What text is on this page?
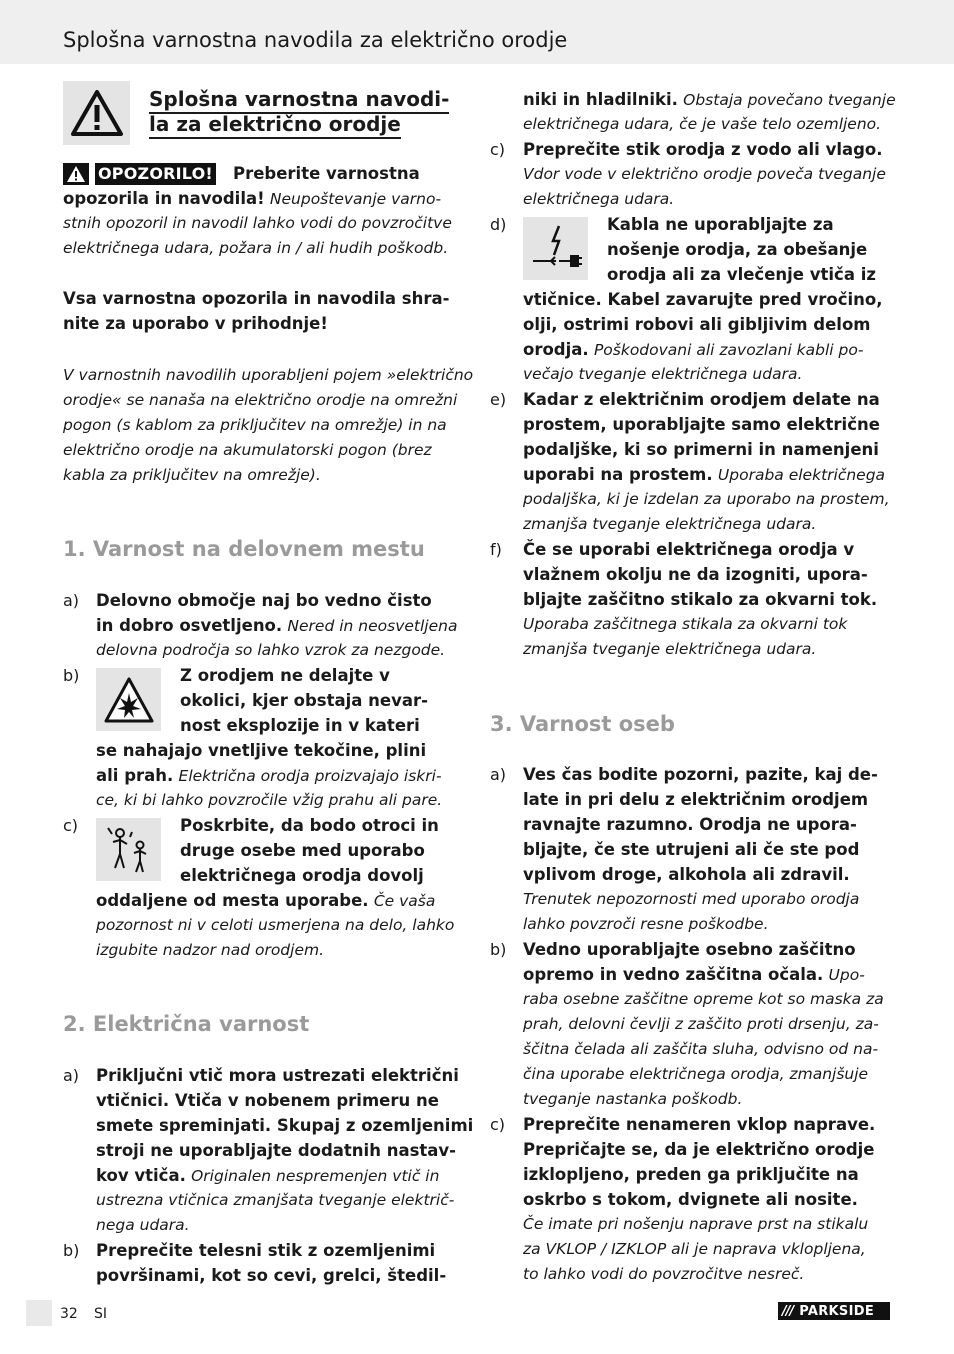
Splošna varnostna navodila za električno orodje
Splošna varnostna navodi-
la za električno orodje
OPOZORILO! Preberite varnostna
opozorila in navodila! Neupoštevanje varno-
stnih opozoril in navodil lahko vodi do povzročitve
električnega udara, požara in / ali hudih poškodb.
Vsa varnostna opozorila in navodila shra-
nite za uporabo v prihodnje!
V varnostnih navodilih uporabljeni pojem »električno
orodje« se nanaša na električno orodje na omrežni
pogon (s kablom za priključitev na omrežje) in na
električno orodje na akumulatorski pogon (brez
kabla za priključitev na omrežje).
1. Varnost na delovnem mestu
a) Delovno območje naj bo vedno čisto
in dobro osvetljeno. Nered in neosvetljena
delovna področja so lahko vzrok za nezgode.
b)	Z orodjem ne delajte v
okolici, kjer obstaja nevar-
nost eksplozije in v kateri
se nahajajo vnetljive tekočine, plini
ali prah. Električna orodja proizvajajo iskri-
ce, ki bi lahko povzročile vžig prahu ali pare.
c)	Poskrbite, da bodo otroci in
druge osebe med uporabo
električnega orodja dovolj
oddaljene od mesta uporabe. Če vaša
pozornost ni v celoti usmerjena na delo, lahko
izgubite nadzor nad orodjem.
2. Električna varnost
a) Priključni vtič mora ustrezati električni
vtičnici. Vtiča v nobenem primeru ne
smete spreminjati. Skupaj z ozemljenimi
stroji ne uporabljajte dodatnih nastav-
kov vtiča. Originalen nespremenjen vtič in
ustrezna vtičnica zmanjšata tveganje električ-
nega udara.
b) Preprečite telesni stik z ozemljenimi
površinami, kot so cevi, grelci, štedil-
niki in hladilniki. Obstaja povečano tveganje
električnega udara, če je vaše telo ozemljeno.
c) Preprečite stik orodja z vodo ali vlago.
Vdor vode v električno orodje poveča tveganje
električnega udara.
d)	Kabla ne uporabljajte za
nošenje orodja, za obešanje
orodja ali za vlečenje vtiča iz
vtičnice. Kabel zavarujte pred vročino,
olji, ostrimi robovi ali gibljivim delom
orodja. Poškodovani ali zavozlani kabli po-
večajo tveganje električnega udara.
e) Kadar z električnim orodjem delate na
prostem, uporabljajte samo električne
podaljške, ki so primerni in namenjeni
uporabi na prostem. Uporaba električnega
podaljška, ki je izdelan za uporabo na prostem,
zmanjša tveganje električnega udara.
f) Če se uporabi električnega orodja v
vlažnem okolju ne da izogniti, upora-
bljajte zaščitno stikalo za okvarni tok.
Uporaba zaščitnega stikala za okvarni tok
zmanjša tveganje električnega udara.
3. Varnost oseb
a) Ves čas bodite pozorni, pazite, kaj de-
late in pri delu z električnim orodjem
ravnajte razumno. Orodja ne upora-
bljajte, če ste utrujeni ali če ste pod
vplivom droge, alkohola ali zdravil.
Trenutek nepozornosti med uporabo orodja
lahko povzroči resne poškodbe.
b) Vedno uporabljajte osebno zaščitno
opremo in vedno zaščitna očala. Upo-
raba osebne zaščitne opreme kot so maska za
prah, delovni čevlji z zaščito proti drsenju, za-
ščitna čelada ali zaščita sluha, odvisno od na-
čina uporabe električnega orodja, zmanjšuje
tveganje nastanka poškodb.
c) Preprečite nenameren vklop naprave.
Prepričajte se, da je električno orodje
izklopljeno, preden ga priključite na
oskrbo s tokom, dvignete ali nosite.
Če imate pri nošenju naprave prst na stikalu
za VKLOP / IZKLOP ali je naprava vklopljena,
to lahko vodi do povzročitve nesreč.
32 SI	/// PARKSIDE
